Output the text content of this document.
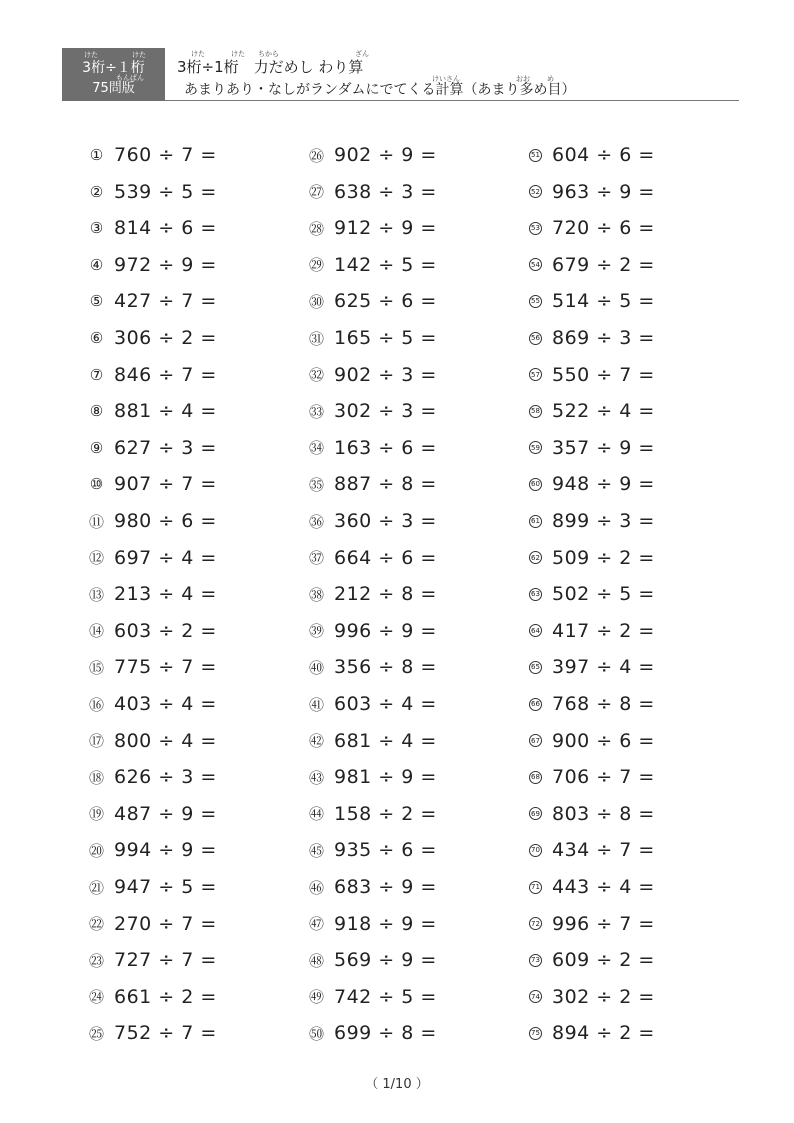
けた	けた
3桁÷１桁
もんばん
75問版
けた	けた ちから	ざん
3桁÷1桁　力だめし わり算
けいさん	おお め
あまりあり・なしがランダムにでてくる計算（あまり多め目）
① 760 ÷ 7 =
② 539 ÷ 5 =
③ 814 ÷ 6 =
④ 972 ÷ 9 =
⑤ 427 ÷ 7 =
⑥ 306 ÷ 2 =
⑦ 846 ÷ 7 =
⑧ 881 ÷ 4 =
⑨ 627 ÷ 3 =
⑩ 907 ÷ 7 =
⑪ 980 ÷ 6 =
⑫ 697 ÷ 4 =
⑬ 213 ÷ 4 =
⑭ 603 ÷ 2 =
⑮ 775 ÷ 7 =
⑯ 403 ÷ 4 =
⑰ 800 ÷ 4 =
⑱ 626 ÷ 3 =
⑲ 487 ÷ 9 =
⑳ 994 ÷ 9 =
㉑ 947 ÷ 5 =
㉒ 270 ÷ 7 =
㉓ 727 ÷ 7 =
㉔ 661 ÷ 2 =
㉕ 752 ÷ 7 =
㉖ 902 ÷ 9 =
㉗ 638 ÷ 3 =
㉘ 912 ÷ 9 =
㉙ 142 ÷ 5 =
㉚ 625 ÷ 6 =
㉛ 165 ÷ 5 =
㉜ 902 ÷ 3 =
㉝ 302 ÷ 3 =
㉞ 163 ÷ 6 =
㉟ 887 ÷ 8 =
㊱ 360 ÷ 3 =
㊲ 664 ÷ 6 =
㊳ 212 ÷ 8 =
㊴ 996 ÷ 9 =
㊵ 356 ÷ 8 =
㊶ 603 ÷ 4 =
㊷ 681 ÷ 4 =
㊸ 981 ÷ 9 =
㊹ 158 ÷ 2 =
㊺ 935 ÷ 6 =
㊻ 683 ÷ 9 =
㊼ 918 ÷ 9 =
㊽ 569 ÷ 9 =
㊾ 742 ÷ 5 =
㊿ 699 ÷ 8 =
51 604 ÷ 6 =
52 963 ÷ 9 =
53 720 ÷ 6 =
54 679 ÷ 2 =
55 514 ÷ 5 =
56 869 ÷ 3 =
57 550 ÷ 7 =
58 522 ÷ 4 =
59 357 ÷ 9 =
60 948 ÷ 9 =
61 899 ÷ 3 =
62 509 ÷ 2 =
63 502 ÷ 5 =
64 417 ÷ 2 =
65 397 ÷ 4 =
66 768 ÷ 8 =
67 900 ÷ 6 =
68 706 ÷ 7 =
69 803 ÷ 8 =
70 434 ÷ 7 =
71 443 ÷ 4 =
72 996 ÷ 7 =
73 609 ÷ 2 =
74 302 ÷ 2 =
75 894 ÷ 2 =
（ 1/10 ）
